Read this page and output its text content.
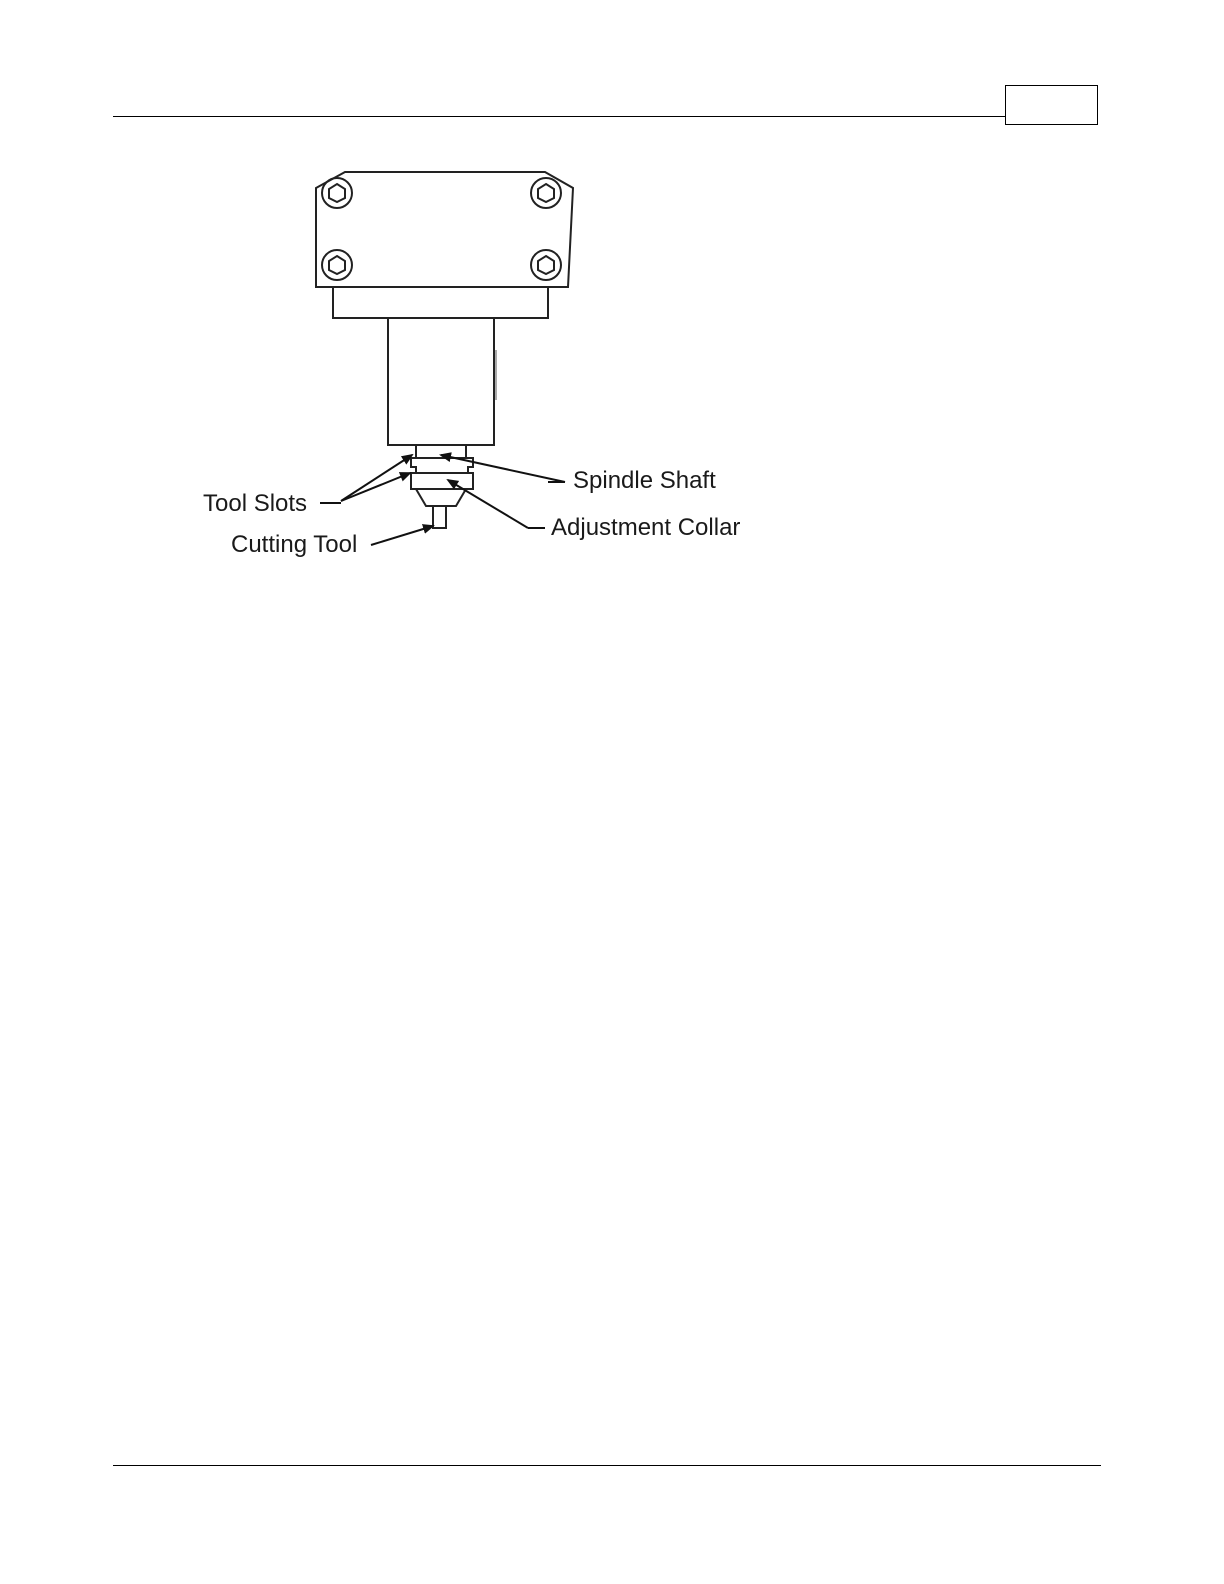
Spindle Shaft
Tool Slots
Adjustment Collar
Cutting Tool
